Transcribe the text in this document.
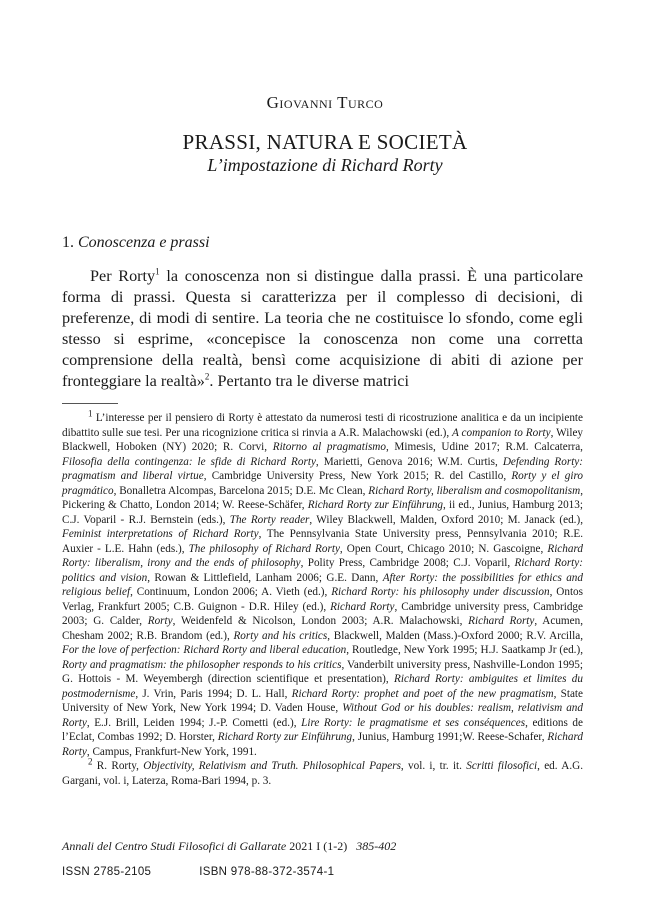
Giovanni Turco
PRASSI, NATURA E SOCIETÀ
L’impostazione di Richard Rorty
1. Conoscenza e prassi

Per Rorty$^1$ la conoscenza non si distingue dalla prassi. È una particolare forma di prassi. Questa si caratterizza per il complesso di decisioni, di preferenze, di modi di sentire. La teoria che ne costituisce lo sfondo, come egli stesso si esprime, «concepisce la conoscenza non come una corretta comprensione della realtà, bensì come acquisizione di abiti di azione per fronteggiare la realtà»$^2$. Pertanto tra le diverse matrici

$^1$ L’interesse per il pensiero di Rorty è attestato da numerosi testi di ricostruzione analitica e da un incipiente dibattito sulle sue tesi. Per una ricognizione critica si rinvia a A.R. Malachowski (ed.), A companion to Rorty, Wiley Blackwell, Hoboken (NY) 2020; R. Corvi, Ritorno al pragmatismo, Mimesis, Udine 2017; R.M. Calcaterra, Filosofia della contingenza: le sfide di Richard Rorty, Marietti, Genova 2016; W.M. Curtis, Defending Rorty: pragmatism and liberal virtue, Cambridge University Press, New York 2015; R. del Castillo, Rorty y el giro pragmático, Bonalletra Alcompas, Barcelona 2015; D.E. Mc Clean, Richard Rorty, liberalism and cosmopolitanism, Pickering & Chatto, London 2014; W. Reese-Schäfer, Richard Rorty zur Einführung, ii ed., Junius, Hamburg 2013; C.J. Voparil - R.J. Bernstein (eds.), The Rorty reader, Wiley Blackwell, Malden, Oxford 2010; M. Janack (ed.), Feminist interpretations of Richard Rorty, The Pennsylvania State University press, Pennsylvania 2010; R.E. Auxier - L.E. Hahn (eds.), The philosophy of Richard Rorty, Open Court, Chicago 2010; N. Gascoigne, Richard Rorty: liberalism, irony and the ends of philosophy, Polity Press, Cambridge 2008; C.J. Voparil, Richard Rorty: politics and vision, Rowan & Littlefield, Lanham 2006; G.E. Dann, After Rorty: the possibilities for ethics and religious belief, Continuum, London 2006; A. Vieth (ed.), Richard Rorty: his philosophy under discussion, Ontos Verlag, Frankfurt 2005; C.B. Guignon - D.R. Hiley (ed.), Richard Rorty, Cambridge university press, Cambridge 2003; G. Calder, Rorty, Weidenfeld & Nicolson, London 2003; A.R. Malachowski, Richard Rorty, Acumen, Chesham 2002; R.B. Brandom (ed.), Rorty and his critics, Blackwell, Malden (Mass.)-Oxford 2000; R.V. Arcilla, For the love of perfection: Richard Rorty and liberal education, Routledge, New York 1995; H.J. Saatkamp Jr (ed.), Rorty and pragmatism: the philosopher responds to his critics, Vanderbilt university press, Nashville-London 1995; G. Hottois - M. Weyembergh (direction scientifique et presentation), Richard Rorty: ambiguites et limites du postmodernisme, J. Vrin, Paris 1994; D. L. Hall, Richard Rorty: prophet and poet of the new pragmatism, State University of New York, New York 1994; D. Vaden House, Without God or his doubles: realism, relativism and Rorty, E.J. Brill, Leiden 1994; J.-P. Cometti (ed.), Lire Rorty: le pragmatisme et ses conséquences, editions de l’Eclat, Combas 1992; D. Horster, Richard Rorty zur Einführung, Junius, Hamburg 1991;W. Reese-Schafer, Richard Rorty, Campus, Frankfurt-New York, 1991.

$^2$ R. Rorty, Objectivity, Relativism and Truth. Philosophical Papers, vol. i, tr. it. Scritti filosofici, ed. A.G. Gargani, vol. i, Laterza, Roma-Bari 1994, p. 3.

Annali del Centro Studi Filosofici di Gallarate 2021 I (1-2) 385-402
ISSN 2785-2105	ISBN 978-88-372-3574-1
